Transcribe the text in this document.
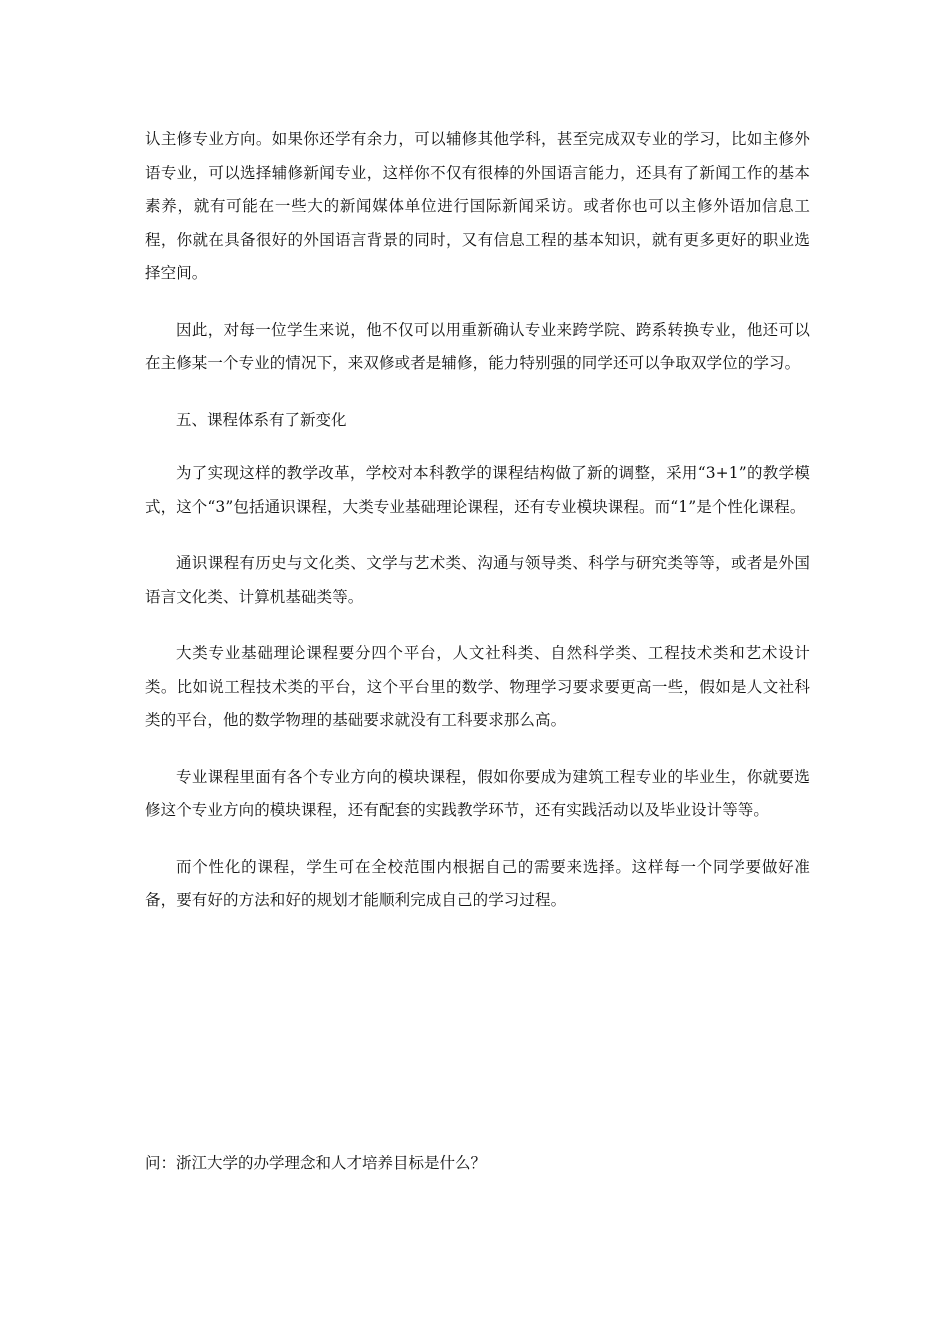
认主修专业方向。如果你还学有余力，可以辅修其他学科，甚至完成双专业的学习，比如主修外语专业，可以选择辅修新闻专业，这样你不仅有很棒的外国语言能力，还具有了新闻工作的基本素养，就有可能在一些大的新闻媒体单位进行国际新闻采访。或者你也可以主修外语加信息工程，你就在具备很好的外国语言背景的同时，又有信息工程的基本知识，就有更多更好的职业选择空间。

因此，对每一位学生来说，他不仅可以用重新确认专业来跨学院、跨系转换专业，他还可以在主修某一个专业的情况下，来双修或者是辅修，能力特别强的同学还可以争取双学位的学习。

五、课程体系有了新变化

为了实现这样的教学改革，学校对本科教学的课程结构做了新的调整，采用“3+1”的教学模式，这个“3”包括通识课程，大类专业基础理论课程，还有专业模块课程。而“1”是个性化课程。

通识课程有历史与文化类、文学与艺术类、沟通与领导类、科学与研究类等等，或者是外国语言文化类、计算机基础类等。

大类专业基础理论课程要分四个平台，人文社科类、自然科学类、工程技术类和艺术设计类。比如说工程技术类的平台，这个平台里的数学、物理学习要求要更高一些，假如是人文社科类的平台，他的数学物理的基础要求就没有工科要求那么高。

专业课程里面有各个专业方向的模块课程，假如你要成为建筑工程专业的毕业生，你就要选修这个专业方向的模块课程，还有配套的实践教学环节，还有实践活动以及毕业设计等等。

而个性化的课程，学生可在全校范围内根据自己的需要来选择。这样每一个同学要做好准备，要有好的方法和好的规划才能顺利完成自己的学习过程。

问：浙江大学的办学理念和人才培养目标是什么？
